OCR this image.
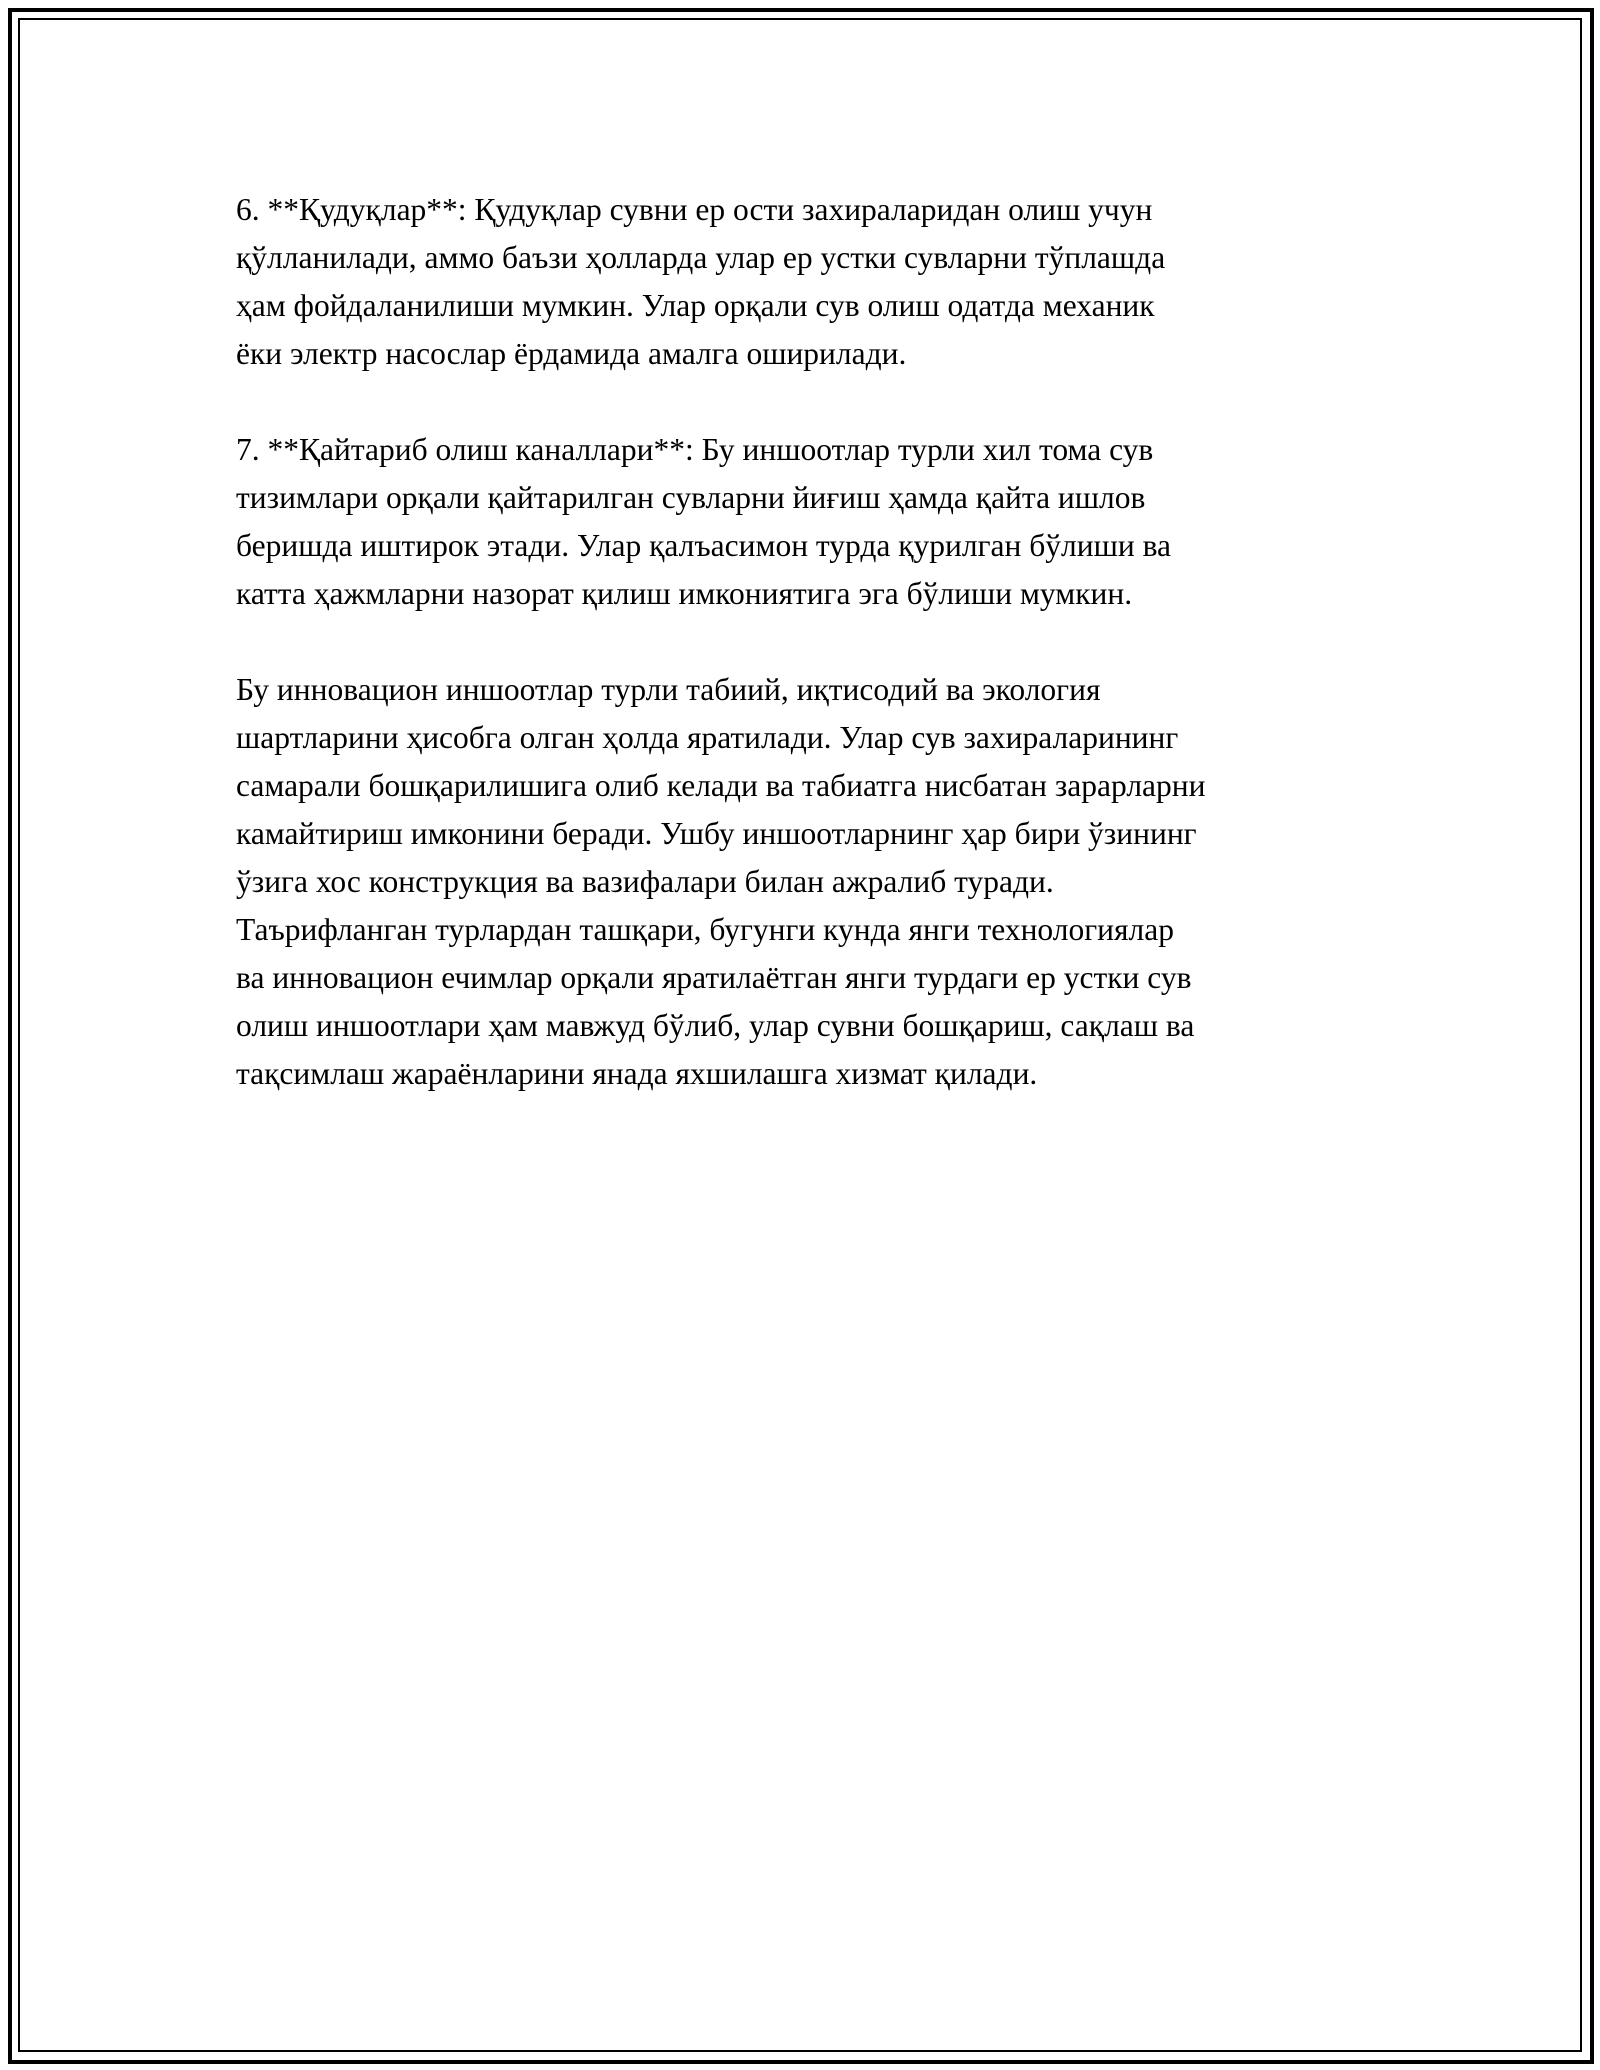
6. **Қудуқлар**: Қудуқлар сувни ер ости захираларидан олиш учун
қўлланилади, аммо баъзи ҳолларда улар ер устки сувларни тўплашда
ҳам фойдаланилиши мумкин. Улар орқали сув олиш одатда механик
ёки электр насослар ёрдамида амалга оширилади.

7. **Қайтариб олиш каналлари**: Бу иншоотлар турли хил тома сув
тизимлари орқали қайтарилган сувларни йиғиш ҳамда қайта ишлов
беришда иштирок этади. Улар қалъасимон турда қурилган бўлиши ва
катта ҳажмларни назорат қилиш имкониятига эга бўлиши мумкин.

Бу инновацион иншоотлар турли табиий, иқтисодий ва экология
шартларини ҳисобга олган ҳолда яратилади. Улар сув захираларининг
самарали бошқарилишига олиб келади ва табиатга нисбатан зарарларни
камайтириш имконини беради. Ушбу иншоотларнинг ҳар бири ўзининг
ўзига хос конструкция ва вазифалари билан ажралиб туради.
Таърифланган турлардан ташқари, бугунги кунда янги технологиялар
ва инновацион ечимлар орқали яратилаётган янги турдаги ер устки сув
олиш иншоотлари ҳам мавжуд бўлиб, улар сувни бошқариш, сақлаш ва
тақсимлаш жараёнларини янада яхшилашга хизмат қилади.
